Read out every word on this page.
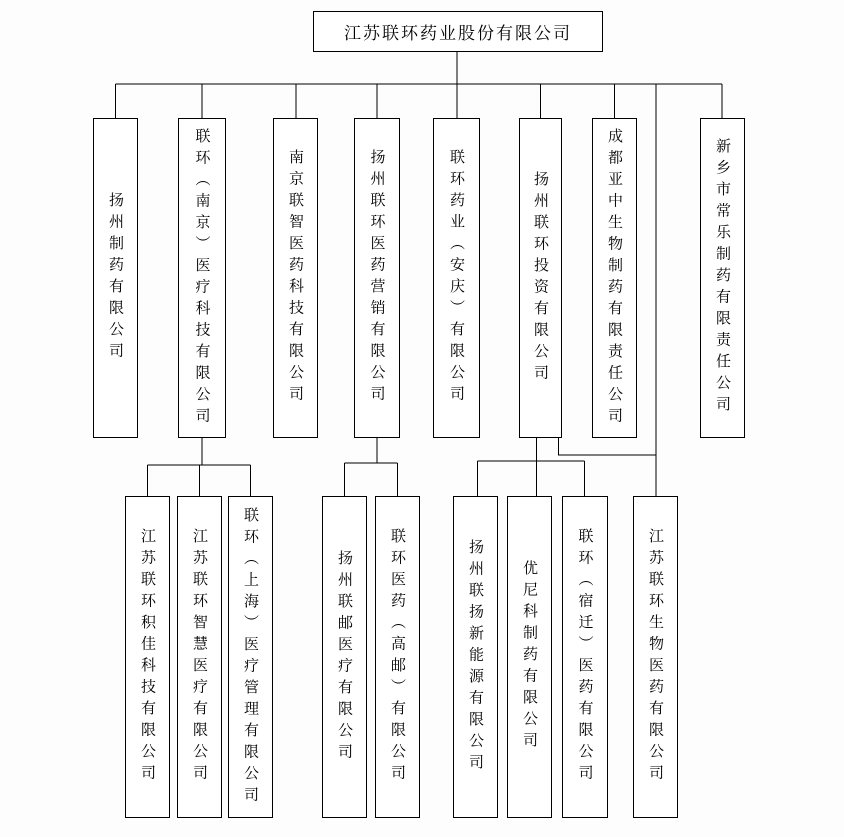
江苏联环药业股份有限公司
扬州制药有限公司	联环（南京）医疗科技有限公司	南京联智医药科技有限公司	扬州联环医药营销有限公司	联环药业（安庆）有限公司	扬州联环投资有限公司	成都亚中生物制药有限责任公司	新乡市常乐制药有限责任公司
江苏联环积佳科技有限公司 江苏联环智慧医疗有限公司 联环（上海）医疗管理有限公司	扬州联邮医疗有限公司 联环医药（高邮）有限公司	扬州联扬新能源有限公司 优尼科制药有限公司	联环（宿迁）医药有限公司	江苏联环生物医药有限公司
